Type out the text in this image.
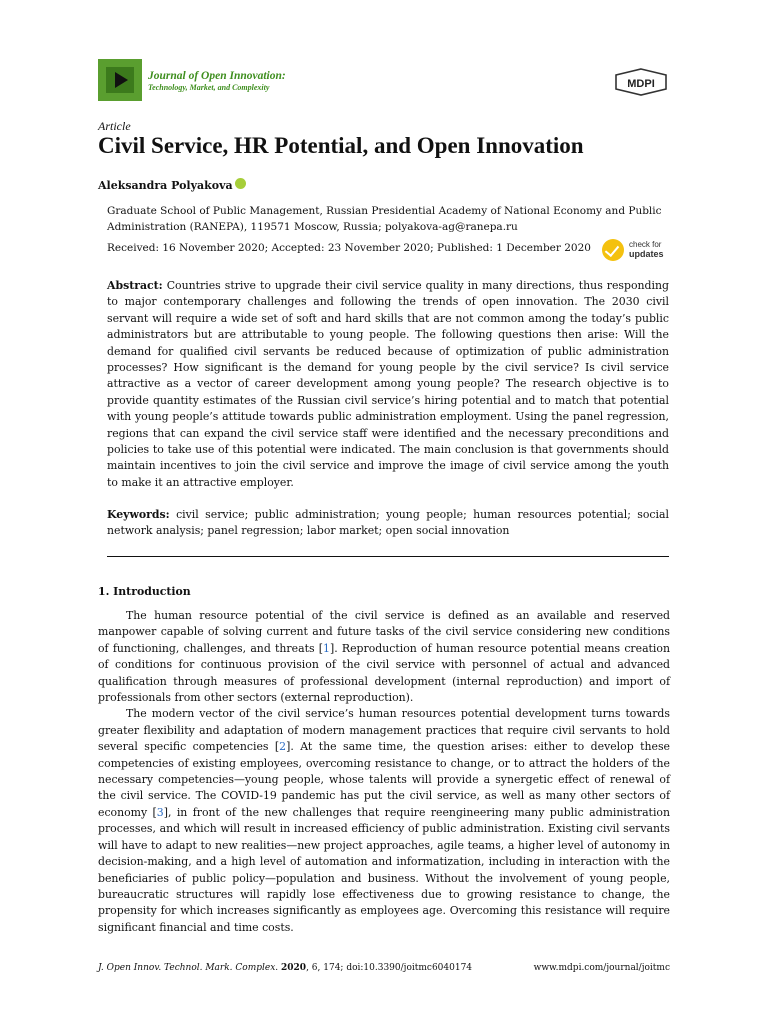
Journal of Open Innovation:
Technology, Market, and Complexity	MDPI
Article
Civil Service, HR Potential, and Open Innovation
Aleksandra Polyakova
Graduate School of Public Management, Russian Presidential Academy of National Economy and Public Administration (RANEPA), 119571 Moscow, Russia; polyakova-ag@ranepa.ru
Received: 16 November 2020; Accepted: 23 November 2020; Published: 1 December 2020	check for
updates

Abstract: Countries strive to upgrade their civil service quality in many directions, thus responding to major contemporary challenges and following the trends of open innovation. The 2030 civil servant will require a wide set of soft and hard skills that are not common among the today’s public administrators but are attributable to young people. The following questions then arise: Will the demand for qualified civil servants be reduced because of optimization of public administration processes? How significant is the demand for young people by the civil service? Is civil service attractive as a vector of career development among young people? The research objective is to provide quantity estimates of the Russian civil service’s hiring potential and to match that potential with young people’s attitude towards public administration employment. Using the panel regression, regions that can expand the civil service staff were identified and the necessary preconditions and policies to take use of this potential were indicated. The main conclusion is that governments should maintain incentives to join the civil service and improve the image of civil service among the youth to make it an attractive employer.

Keywords: civil service; public administration; young people; human resources potential; social network analysis; panel regression; labor market; open social innovation

1. Introduction

The human resource potential of the civil service is defined as an available and reserved manpower capable of solving current and future tasks of the civil service considering new conditions of functioning, challenges, and threats [1]. Reproduction of human resource potential means creation of conditions for continuous provision of the civil service with personnel of actual and advanced qualification through measures of professional development (internal reproduction) and import of professionals from other sectors (external reproduction).

The modern vector of the civil service’s human resources potential development turns towards greater flexibility and adaptation of modern management practices that require civil servants to hold several specific competencies [2]. At the same time, the question arises: either to develop these competencies of existing employees, overcoming resistance to change, or to attract the holders of the necessary competencies—young people, whose talents will provide a synergetic effect of renewal of the civil service. The COVID-19 pandemic has put the civil service, as well as many other sectors of economy [3], in front of the new challenges that require reengineering many public administration processes, and which will result in increased efficiency of public administration. Existing civil servants will have to adapt to new realities—new project approaches, agile teams, a higher level of autonomy in decision-making, and a high level of automation and informatization, including in interaction with the beneficiaries of public policy—population and business. Without the involvement of young people, bureaucratic structures will rapidly lose effectiveness due to growing resistance to change, the propensity for which increases significantly as employees age. Overcoming this resistance will require significant financial and time costs.

J. Open Innov. Technol. Mark. Complex. 2020, 6, 174; doi:10.3390/joitmc6040174	www.mdpi.com/journal/joitmc
